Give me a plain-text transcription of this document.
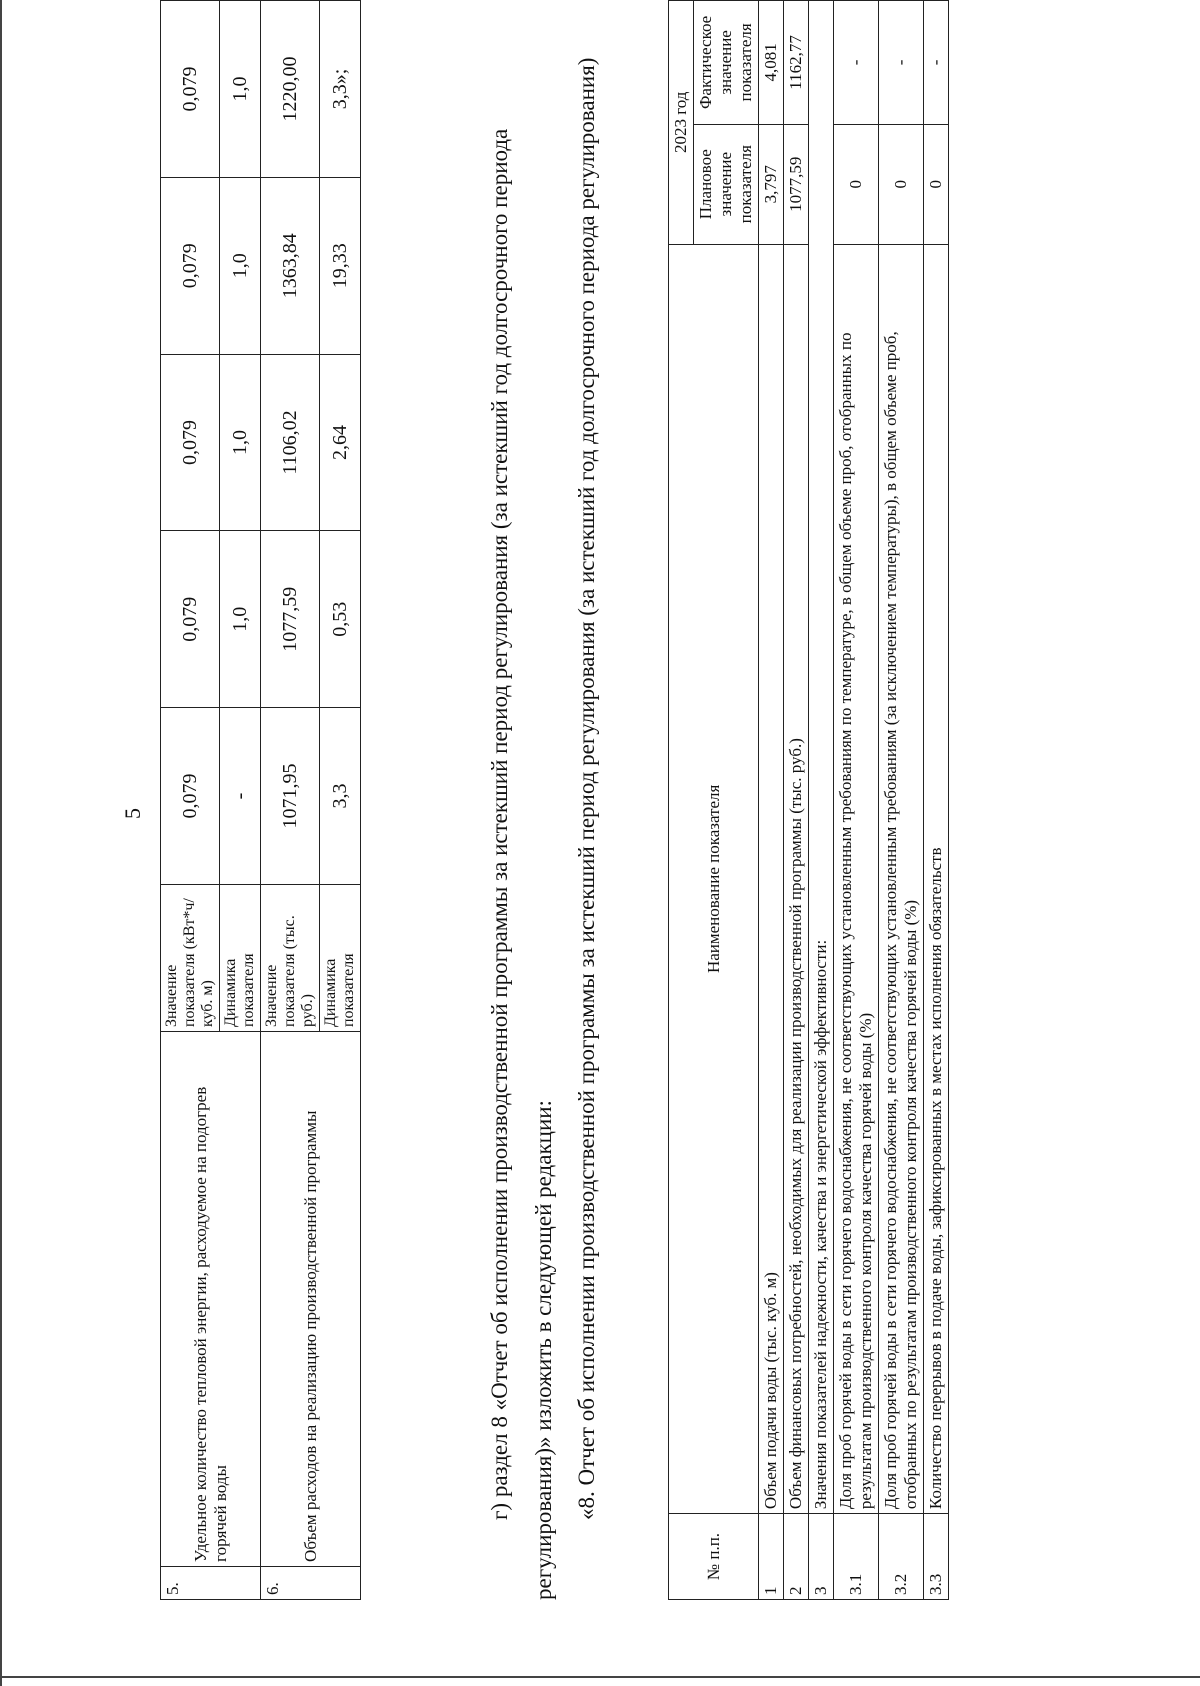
5
5.	Удельное количество тепловой энергии, расходуемое на подогрев горячей воды	Значение показателя (кВт*ч/куб. м)	0,079	0,079	0,079	0,079	0,079
		Динамика показателя	-	1,0	1,0	1,0	1,0
6.	Объем расходов на реализацию производственной программы	Значение показателя (тыс. руб.)	1071,95	1077,59	1106,02	1363,84	1220,00
		Динамика показателя	3,3	0,53	2,64	19,33	3,3»;
г) раздел 8 «Отчет об исполнении производственной программы за истекший период регулирования (за истекший год долгосрочного периода регулирования)» изложить в следующей редакции: «8. Отчет об исполнении производственной программы за истекший период регулирования (за истекший год долгосрочного периода регулирования)
№ п.п.	Наименование показателя	2023 год	
		Плановое значение показателя	Фактическое значение показателя
1	Объем подачи воды (тыс. куб. м)	3,797	4,081
2	Объем финансовых потребностей, необходимых для реализации производственной программы (тыс. руб.)	1077,59	1162,77
3	Значения показателей надежности, качества и энергетической эффективности:		
3.1	Доля проб горячей воды в сети горячего водоснабжения, не соответствующих установленным требованиям по температуре, в общем объеме проб, отобранных по результатам производственного контроля качества горячей воды (%)	0	-
3.2	Доля проб горячей воды в сети горячего водоснабжения, не соответствующих установленным требованиям (за исключением температуры), в общем объеме проб, отобранных по результатам производственного контроля качества горячей воды (%)	0	-
3.3	Количество перерывов в подаче воды, зафиксированных в местах исполнения обязательств	0	-
